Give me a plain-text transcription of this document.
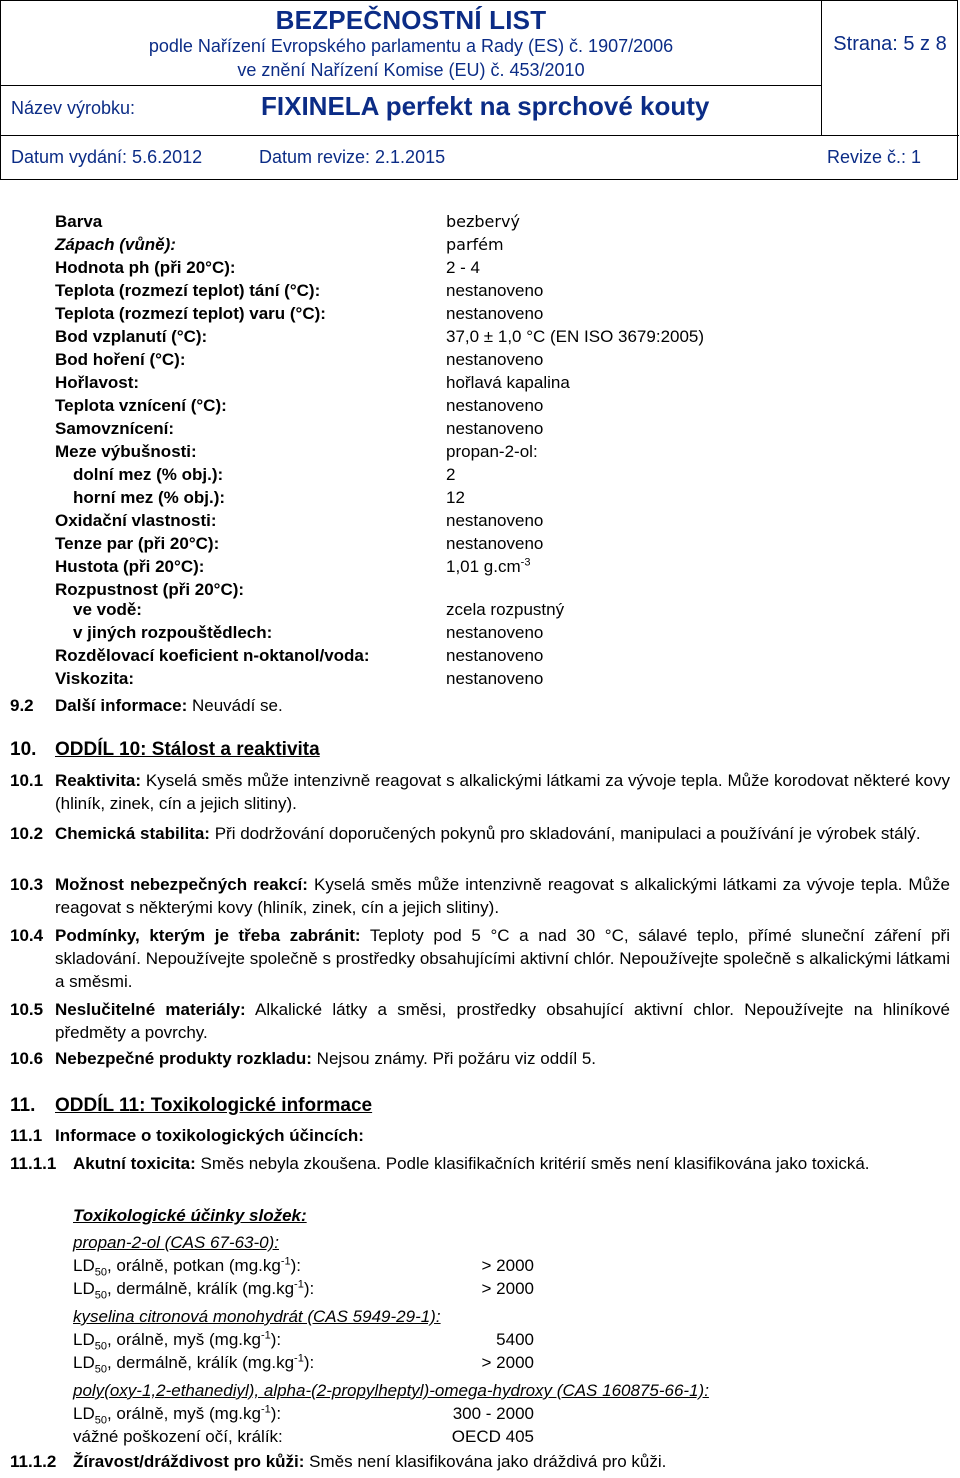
BEZPEČNOSTNÍ LIST
podle Nařízení Evropského parlamentu a Rady (ES) č. 1907/2006
ve znění Nařízení Komise (EU) č. 453/2010
Strana: 5 z 8
Název výrobku:	FIXINELA perfekt na sprchové kouty
Datum vydání: 5.6.2012	Datum revize: 2.1.2015	Revize č.: 1
Barva	bezbervý
Zápach (vůně):	parfém
Hodnota ph (při 20°C):	2 - 4
Teplota (rozmezí teplot) tání (°C):	nestanoveno
Teplota (rozmezí teplot) varu (°C):	nestanoveno
Bod vzplanutí (°C):	37,0 ± 1,0 °C (EN ISO 3679:2005)
Bod hoření (°C):	nestanoveno
Hořlavost:	hořlavá kapalina
Teplota vznícení (°C):	nestanoveno
Samovznícení:	nestanoveno
Meze výbušnosti:	propan-2-ol:
dolní mez (% obj.):	2
horní mez (% obj.):	12
Oxidační vlastnosti:	nestanoveno
Tenze par (při 20°C):	nestanoveno
Hustota (při 20°C):	1,01 $g.cm^{-3}$
Rozpustnost (při 20°C):
ve vodě:	zcela rozpustný
v jiných rozpouštědlech:	nestanoveno
Rozdělovací koeficient n-oktanol/voda:	nestanoveno
Viskozita:	nestanoveno
9.2 Další informace: Neuvádí se.
10. ODDÍL 10: Stálost a reaktivita
10.1 Reaktivita: Kyselá směs může intenzivně reagovat s alkalickými látkami za vývoje tepla. Může korodovat některé kovy (hliník, zinek, cín a jejich slitiny).
10.2 Chemická stabilita: Při dodržování doporučených pokynů pro skladování, manipulaci a používání je výrobek stálý.
10.3 Možnost nebezpečných reakcí: Kyselá směs může intenzivně reagovat s alkalickými látkami za vývoje tepla. Může reagovat s některými kovy (hliník, zinek, cín a jejich slitiny).
10.4 Podmínky, kterým je třeba zabránit: Teploty pod 5 °C a nad 30 °C, sálavé teplo, přímé sluneční záření při skladování. Nepoužívejte společně s prostředky obsahujícími aktivní chlór. Nepoužívejte společně s alkalickými látkami a směsmi.
10.5 Neslučitelné materiály: Alkalické látky a směsi, prostředky obsahující aktivní chlor. Nepoužívejte na hliníkové předměty a povrchy.
10.6 Nebezpečné produkty rozkladu: Nejsou známy. Při požáru viz oddíl 5.
11. ODDÍL 11: Toxikologické informace
11.1 Informace o toxikologických účincích:
11.1.1 Akutní toxicita: Směs nebyla zkoušena. Podle klasifikačních kritérií směs není klasifikována jako toxická.
Toxikologické účinky složek:
propan-2-ol (CAS 67-63-0):
$LD_{50}$, orálně, potkan $(mg.kg^{-1})$:	> 2000
$LD_{50}$, dermálně, králík $(mg.kg^{-1})$:	> 2000
kyselina citronová monohydrát (CAS 5949-29-1):
$LD_{50}$, orálně, myš $(mg.kg^{-1})$:	5400
$LD_{50}$, dermálně, králík $(mg.kg^{-1})$:	> 2000
poly(oxy-1,2-ethanediyl), alpha-(2-propylheptyl)-omega-hydroxy (CAS 160875-66-1):
$LD_{50}$, orálně, myš $(mg.kg^{-1})$:	300 - 2000
vážné poškození očí, králík:	OECD 405
11.1.2 Žíravost/dráždivost pro kůži: Směs není klasifikována jako dráždivá pro kůži.
